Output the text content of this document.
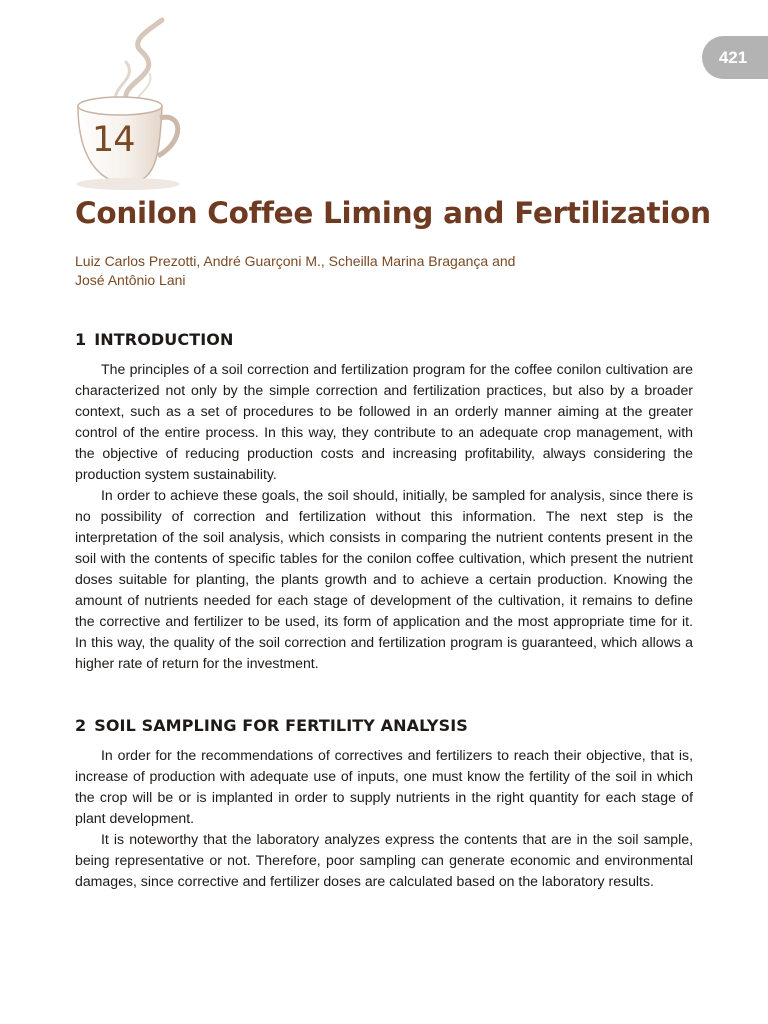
421
14
Conilon Coffee Liming and Fertilization
Luiz Carlos Prezotti, André Guarçoni M., Scheilla Marina Bragança and
José Antônio Lani
1 INTRODUCTION

The principles of a soil correction and fertilization program for the coffee conilon cultivation are characterized not only by the simple correction and fertilization practices, but also by a broader context, such as a set of procedures to be followed in an orderly manner aiming at the greater control of the entire process. In this way, they contribute to an adequate crop management, with the objective of reducing production costs and increasing profitability, always considering the production system sustainability.

In order to achieve these goals, the soil should, initially, be sampled for analysis, since there is no possibility of correction and fertilization without this information. The next step is the interpretation of the soil analysis, which consists in comparing the nutrient contents present in the soil with the contents of specific tables for the conilon coffee cultivation, which present the nutrient doses suitable for planting, the plants growth and to achieve a certain production. Knowing the amount of nutrients needed for each stage of development of the cultivation, it remains to define the corrective and fertilizer to be used, its form of application and the most appropriate time for it. In this way, the quality of the soil correction and fertilization program is guaranteed, which allows a higher rate of return for the investment.

2 SOIL SAMPLING FOR FERTILITY ANALYSIS

In order for the recommendations of correctives and fertilizers to reach their objective, that is, increase of production with adequate use of inputs, one must know the fertility of the soil in which the crop will be or is implanted in order to supply nutrients in the right quantity for each stage of plant development.

It is noteworthy that the laboratory analyzes express the contents that are in the soil sample, being representative or not. Therefore, poor sampling can generate economic and environmental damages, since corrective and fertilizer doses are calculated based on the laboratory results.
